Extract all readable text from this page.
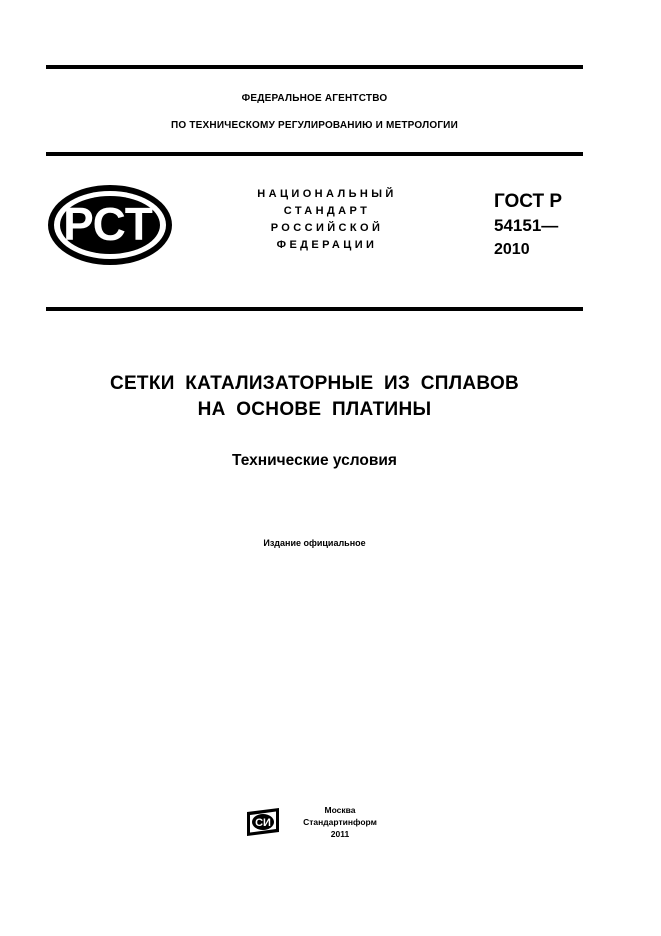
ФЕДЕРАЛЬНОЕ АГЕНТСТВО
ПО ТЕХНИЧЕСКОМУ РЕГУЛИРОВАНИЮ И МЕТРОЛОГИИ
РСТ
НАЦИОНАЛЬНЫЙ
СТАНДАРТ
РОССИЙСКОЙ
ФЕДЕРАЦИИ
ГОСТ Р
54151—
2010
СЕТКИ КАТАЛИЗАТОРНЫЕ ИЗ СПЛАВОВ
НА ОСНОВЕ ПЛАТИНЫ
Технические условия
Издание официальное
СИ
Москва
Стандартинформ
2011
